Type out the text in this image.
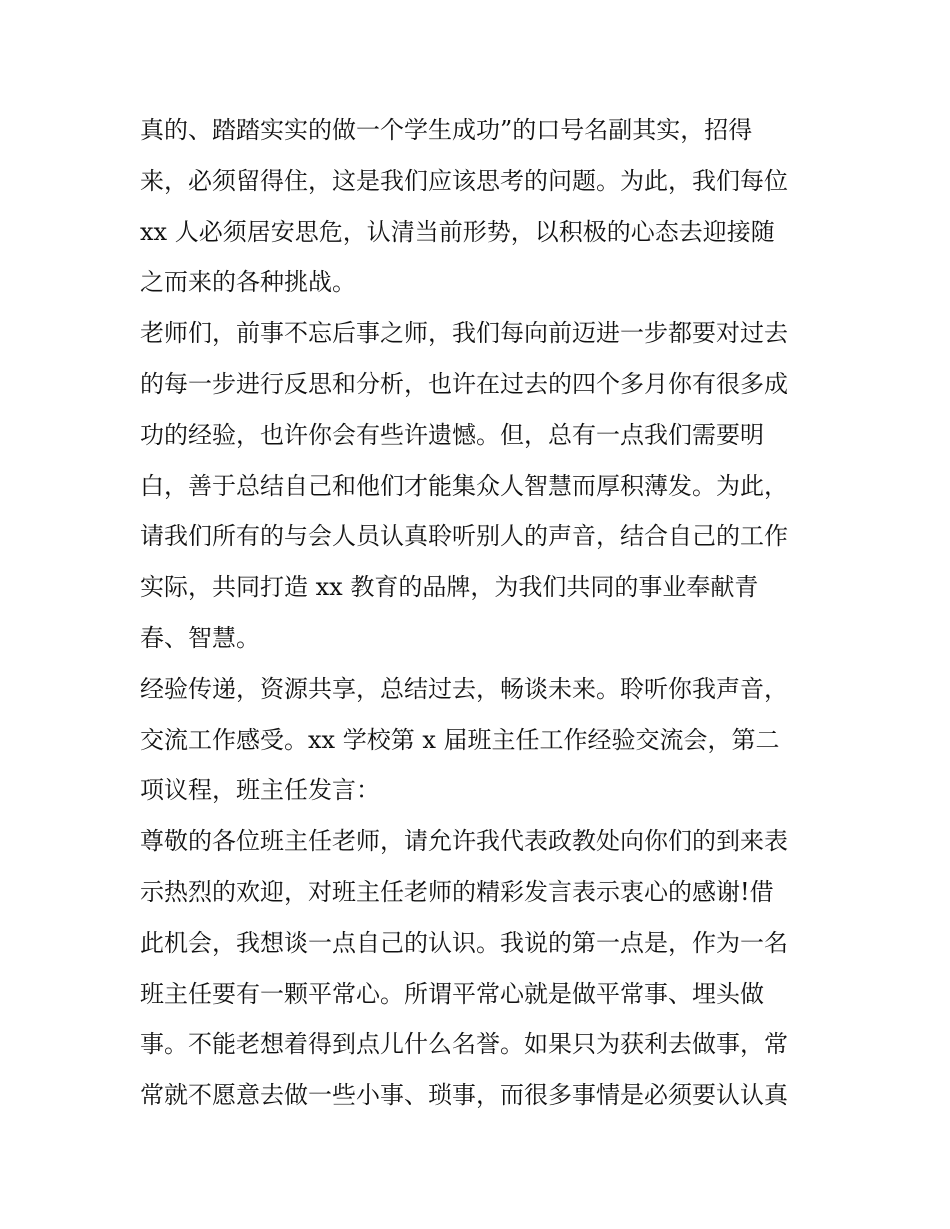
真的、踏踏实实的做一个学生成功”的口号名副其实，招得
来，必须留得住，这是我们应该思考的问题。为此，我们每位
xx 人必须居安思危，认清当前形势，以积极的心态去迎接随
之而来的各种挑战。
老师们，前事不忘后事之师，我们每向前迈进一步都要对过去
的每一步进行反思和分析，也许在过去的四个多月你有很多成
功的经验，也许你会有些许遗憾。但，总有一点我们需要明
白，善于总结自己和他们才能集众人智慧而厚积薄发。为此，
请我们所有的与会人员认真聆听别人的声音，结合自己的工作
实际，共同打造 xx 教育的品牌，为我们共同的事业奉献青
春、智慧。
经验传递，资源共享，总结过去，畅谈未来。聆听你我声音，
交流工作感受。xx 学校第 x 届班主任工作经验交流会，第二
项议程，班主任发言：
尊敬的各位班主任老师，请允许我代表政教处向你们的到来表
示热烈的欢迎，对班主任老师的精彩发言表示衷心的感谢!借
此机会，我想谈一点自己的认识。我说的第一点是，作为一名
班主任要有一颗平常心。所谓平常心就是做平常事、埋头做
事。不能老想着得到点儿什么名誉。如果只为获利去做事，常
常就不愿意去做一些小事、琐事，而很多事情是必须要认认真
